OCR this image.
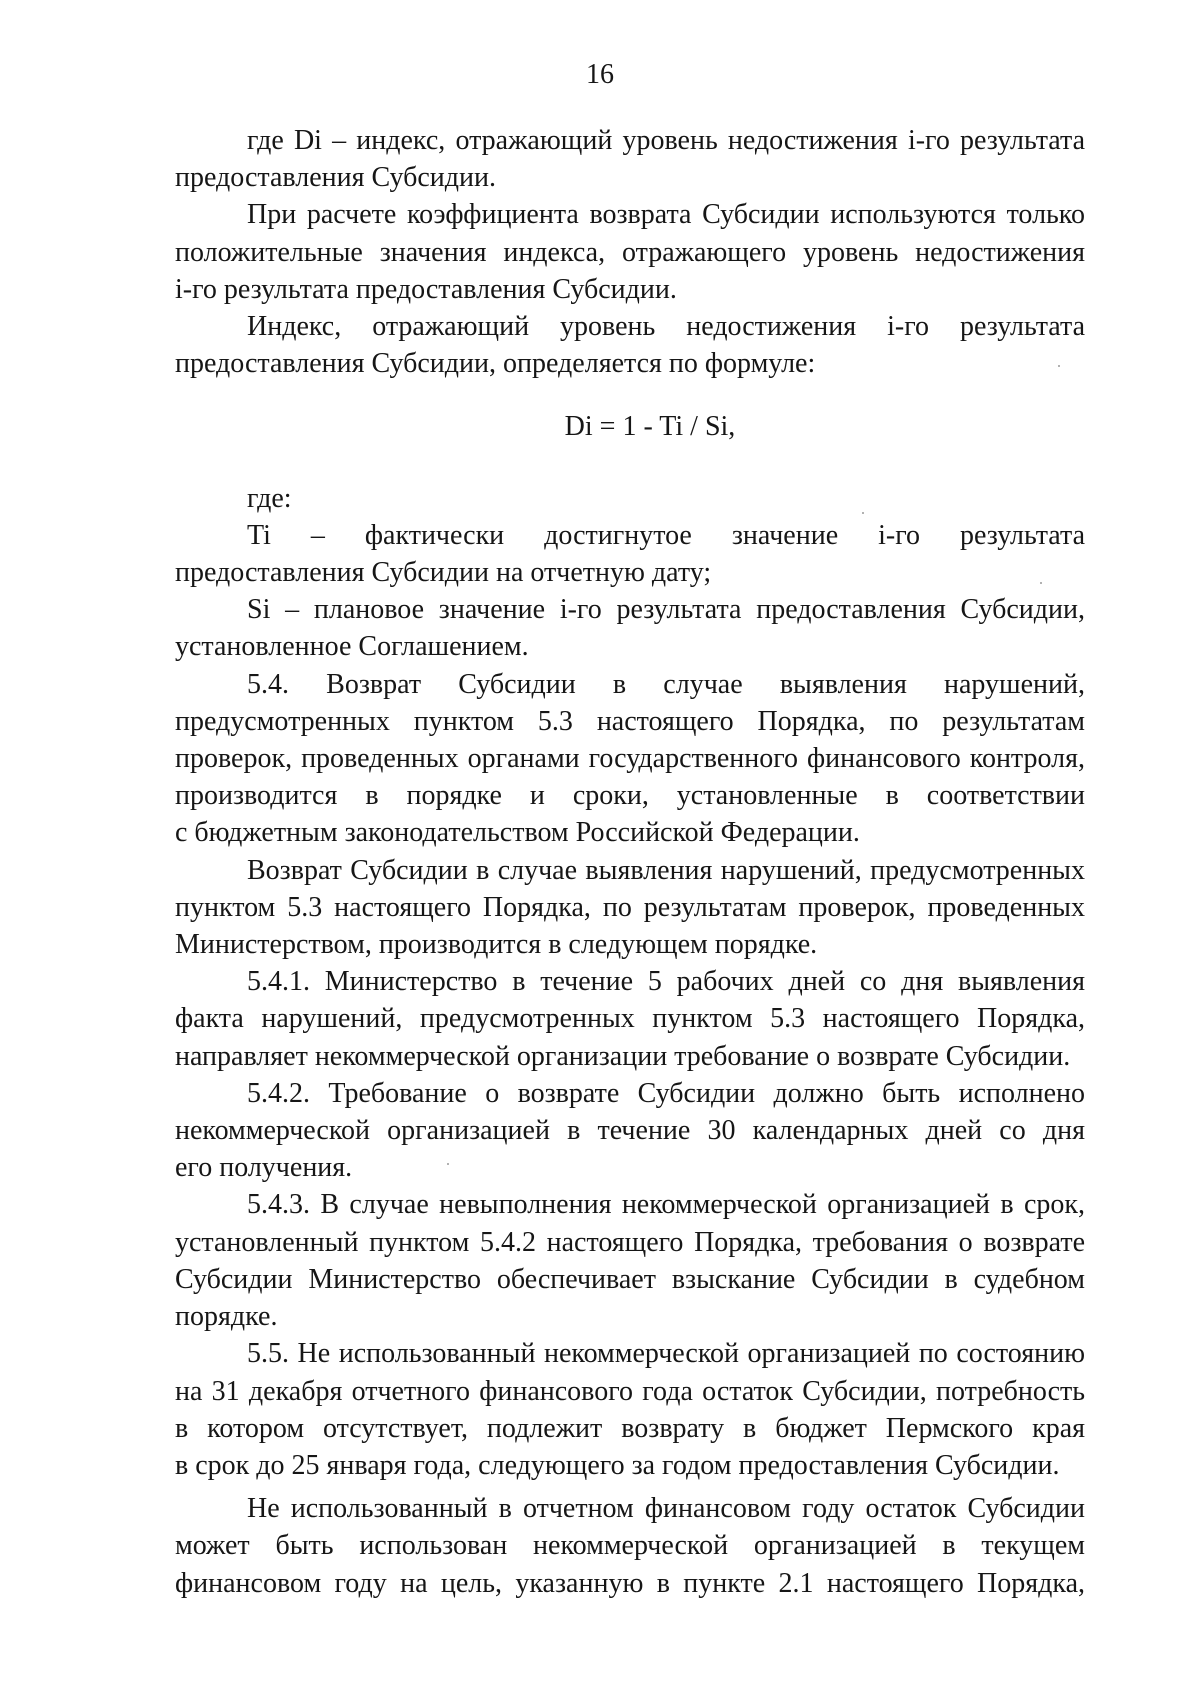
16
где Di – индекс, отражающий уровень недостижения i-го результата
предоставления Субсидии.
При расчете коэффициента возврата Субсидии используются только
положительные значения индекса, отражающего уровень недостижения
i-го результата предоставления Субсидии.
Индекс, отражающий уровень недостижения i-го результата
предоставления Субсидии, определяется по формуле:
Di = 1 - Ti / Si,
где:
Ti – фактически достигнутое значение i-го результата
предоставления Субсидии на отчетную дату;
Si – плановое значение i-го результата предоставления Субсидии,
установленное Соглашением.
5.4. Возврат Субсидии в случае выявления нарушений,
предусмотренных пунктом 5.3 настоящего Порядка, по результатам
проверок, проведенных органами государственного финансового контроля,
производится в порядке и сроки, установленные в соответствии
с бюджетным законодательством Российской Федерации.
Возврат Субсидии в случае выявления нарушений, предусмотренных
пунктом 5.3 настоящего Порядка, по результатам проверок, проведенных
Министерством, производится в следующем порядке.
5.4.1. Министерство в течение 5 рабочих дней со дня выявления
факта нарушений, предусмотренных пунктом 5.3 настоящего Порядка,
направляет некоммерческой организации требование о возврате Субсидии.
5.4.2. Требование о возврате Субсидии должно быть исполнено
некоммерческой организацией в течение 30 календарных дней со дня
его получения.
5.4.3. В случае невыполнения некоммерческой организацией в срок,
установленный пунктом 5.4.2 настоящего Порядка, требования о возврате
Субсидии Министерство обеспечивает взыскание Субсидии в судебном
порядке.
5.5. Не использованный некоммерческой организацией по состоянию
на 31 декабря отчетного финансового года остаток Субсидии, потребность
в котором отсутствует, подлежит возврату в бюджет Пермского края
в срок до 25 января года, следующего за годом предоставления Субсидии.
Не использованный в отчетном финансовом году остаток Субсидии
может быть использован некоммерческой организацией в текущем
финансовом году на цель, указанную в пункте 2.1 настоящего Порядка,
